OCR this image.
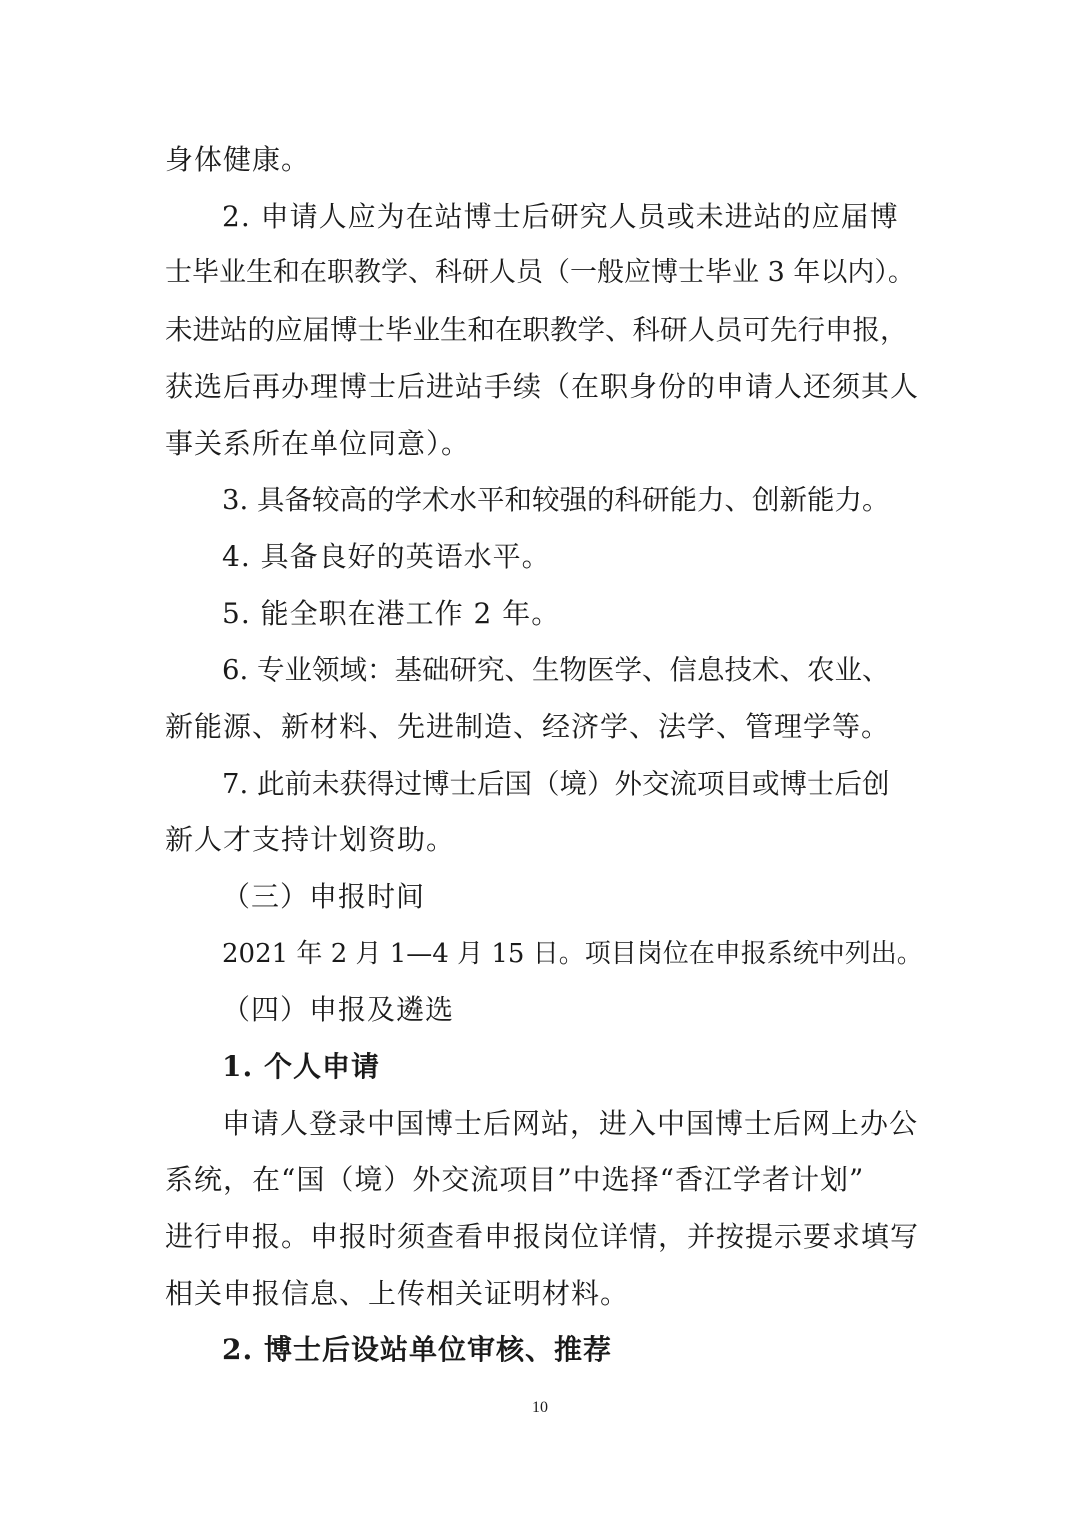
身体健康。
2. 申请人应为在站博士后研究人员或未进站的应届博
士毕业生和在职教学、科研人员（一般应博士毕业 3 年以内）。
未进站的应届博士毕业生和在职教学、科研人员可先行申报，
获选后再办理博士后进站手续（在职身份的申请人还须其人
事关系所在单位同意）。
3. 具备较高的学术水平和较强的科研能力、创新能力。
4. 具备良好的英语水平。
5. 能全职在港工作 2 年。
6. 专业领域：基础研究、生物医学、信息技术、农业、
新能源、新材料、先进制造、经济学、法学、管理学等。
7. 此前未获得过博士后国（境）外交流项目或博士后创
新人才支持计划资助。
（三）申报时间
2021 年 2 月 1—4 月 15 日。项目岗位在申报系统中列出。
（四）申报及遴选
1. 个人申请
申请人登录中国博士后网站，进入中国博士后网上办公
系统，在“国（境）外交流项目”中选择“香江学者计划”
进行申报。申报时须查看申报岗位详情，并按提示要求填写
相关申报信息、上传相关证明材料。
2. 博士后设站单位审核、推荐
10
